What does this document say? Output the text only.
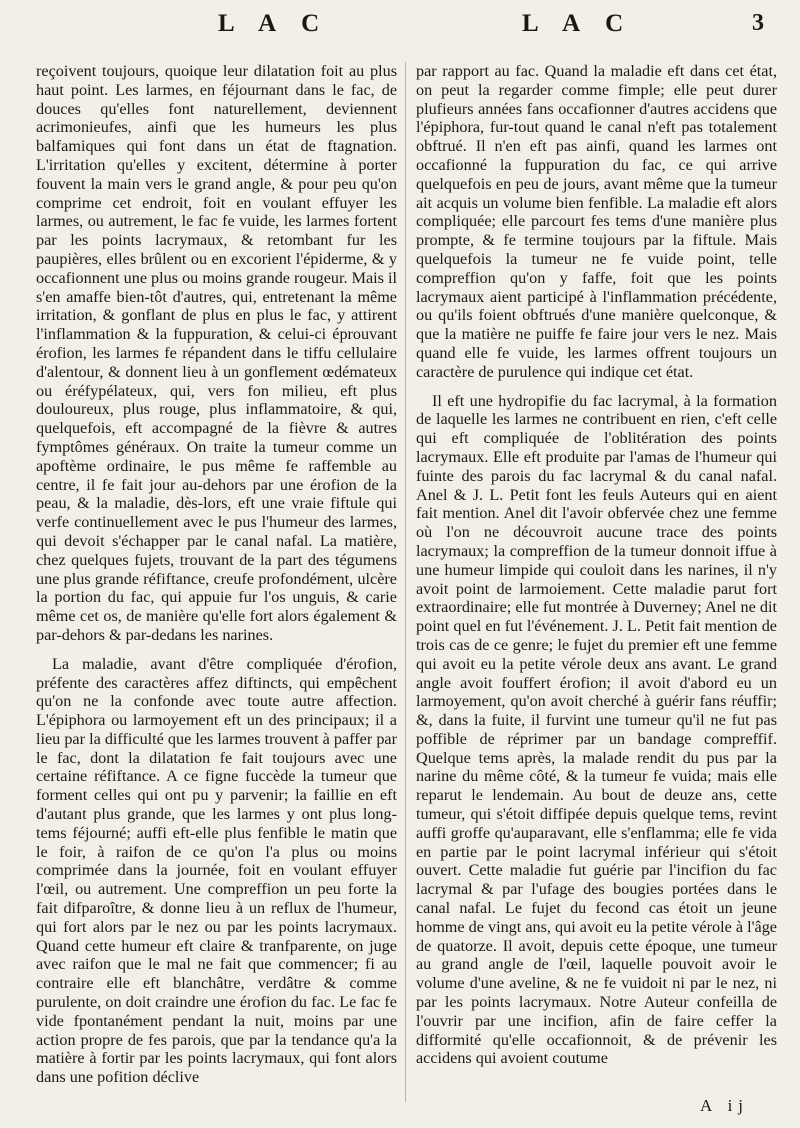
L A C	L A C	3

reçoivent toujours, quoique leur dilatation foit au plus haut point. Les larmes, en féjournant dans le fac, de douces qu'elles font naturellement, deviennent acrimonieufes, ainfi que les humeurs les plus balfamiques qui font dans un état de ftagnation. L'irritation qu'elles y excitent, détermine à porter fouvent la main vers le grand angle, & pour peu qu'on comprime cet endroit, foit en voulant effuyer les larmes, ou autrement, le fac fe vuide, les larmes fortent par les points lacrymaux, & retombant fur les paupières, elles brûlent ou en excorient l'épiderme, & y occafionnent une plus ou moins grande rougeur. Mais il s'en amaffe bien-tôt d'autres, qui, entretenant la même irritation, & gonflant de plus en plus le fac, y attirent l'inflammation & la fuppuration, & celui-ci éprouvant érofion, les larmes fe répandent dans le tiffu cellulaire d'alentour, & donnent lieu à un gonflement œdémateux ou éréfypélateux, qui, vers fon milieu, eft plus douloureux, plus rouge, plus inflammatoire, & qui, quelquefois, eft accompagné de la fièvre & autres fymptômes généraux. On traite la tumeur comme un apoftème ordinaire, le pus même fe raffemble au centre, il fe fait jour au-dehors par une érofion de la peau, & la maladie, dès-lors, eft une vraie fiftule qui verfe continuellement avec le pus l'humeur des larmes, qui devoit s'échapper par le canal nafal. La matière, chez quelques fujets, trouvant de la part des tégumens une plus grande réfiftance, creufe profondément, ulcère la portion du fac, qui appuie fur l'os unguis, & carie même cet os, de manière qu'elle fort alors également & par-dehors & par-dedans les narines.

La maladie, avant d'être compliquée d'érofion, préfente des caractères affez diftincts, qui empêchent qu'on ne la confonde avec toute autre affection. L'épiphora ou larmoyement eft un des principaux; il a lieu par la difficulté que les larmes trouvent à paffer par le fac, dont la dilatation fe fait toujours avec une certaine réfiftance. A ce figne fuccède la tumeur que forment celles qui ont pu y parvenir; la faillie en eft d'autant plus grande, que les larmes y ont plus long-tems féjourné; auffi eft-elle plus fenfible le matin que le foir, à raifon de ce qu'on l'a plus ou moins comprimée dans la journée, foit en voulant effuyer l'œil, ou autrement. Une compreffion un peu forte la fait difparoître, & donne lieu à un reflux de l'humeur, qui fort alors par le nez ou par les points lacrymaux. Quand cette humeur eft claire & tranfparente, on juge avec raifon que le mal ne fait que commencer; fi au contraire elle eft blanchâtre, verdâtre & comme purulente, on doit craindre une érofion du fac. Le fac fe vide fpontanément pendant la nuit, moins par une action propre de fes parois, que par la tendance qu'a la matière à fortir par les points lacrymaux, qui font alors dans une pofition déclive

par rapport au fac. Quand la maladie eft dans cet état, on peut la regarder comme fimple; elle peut durer plufieurs années fans occafionner d'autres accidens que l'épiphora, fur-tout quand le canal n'eft pas totalement obftrué. Il n'en eft pas ainfi, quand les larmes ont occafionné la fuppuration du fac, ce qui arrive quelquefois en peu de jours, avant même que la tumeur ait acquis un volume bien fenfible. La maladie eft alors compliquée; elle parcourt fes tems d'une manière plus prompte, & fe termine toujours par la fiftule. Mais quelquefois la tumeur ne fe vuide point, telle compreffion qu'on y faffe, foit que les points lacrymaux aient participé à l'inflammation précédente, ou qu'ils foient obftrués d'une manière quelconque, & que la matière ne puiffe fe faire jour vers le nez. Mais quand elle fe vuide, les larmes offrent toujours un caractère de purulence qui indique cet état.

Il eft une hydropifie du fac lacrymal, à la formation de laquelle les larmes ne contribuent en rien, c'eft celle qui eft compliquée de l'oblitération des points lacrymaux. Elle eft produite par l'amas de l'humeur qui fuinte des parois du fac lacrymal & du canal nafal. Anel & J. L. Petit font les feuls Auteurs qui en aient fait mention. Anel dit l'avoir obfervée chez une femme où l'on ne découvroit aucune trace des points lacrymaux; la compreffion de la tumeur donnoit iffue à une humeur limpide qui couloit dans les narines, il n'y avoit point de larmoiement. Cette maladie parut fort extraordinaire; elle fut montrée à Duverney; Anel ne dit point quel en fut l'événement. J. L. Petit fait mention de trois cas de ce genre; le fujet du premier eft une femme qui avoit eu la petite vérole deux ans avant. Le grand angle avoit fouffert érofion; il avoit d'abord eu un larmoyement, qu'on avoit cherché à guérir fans réuffir; &, dans la fuite, il furvint une tumeur qu'il ne fut pas poffible de réprimer par un bandage compreffif. Quelque tems après, la malade rendit du pus par la narine du même côté, & la tumeur fe vuida; mais elle reparut le lendemain. Au bout de deuze ans, cette tumeur, qui s'étoit diffipée depuis quelque tems, revint auffi groffe qu'auparavant, elle s'enflamma; elle fe vida en partie par le point lacrymal inférieur qui s'étoit ouvert. Cette maladie fut guérie par l'incifion du fac lacrymal & par l'ufage des bougies portées dans le canal nafal. Le fujet du fecond cas étoit un jeune homme de vingt ans, qui avoit eu la petite vérole à l'âge de quatorze. Il avoit, depuis cette époque, une tumeur au grand angle de l'œil, laquelle pouvoit avoir le volume d'une aveline, & ne fe vuidoit ni par le nez, ni par les points lacrymaux. Notre Auteur confeilla de l'ouvrir par une incifion, afin de faire ceffer la difformité qu'elle occafionnoit, & de prévenir les accidens qui avoient coutume

A ij
